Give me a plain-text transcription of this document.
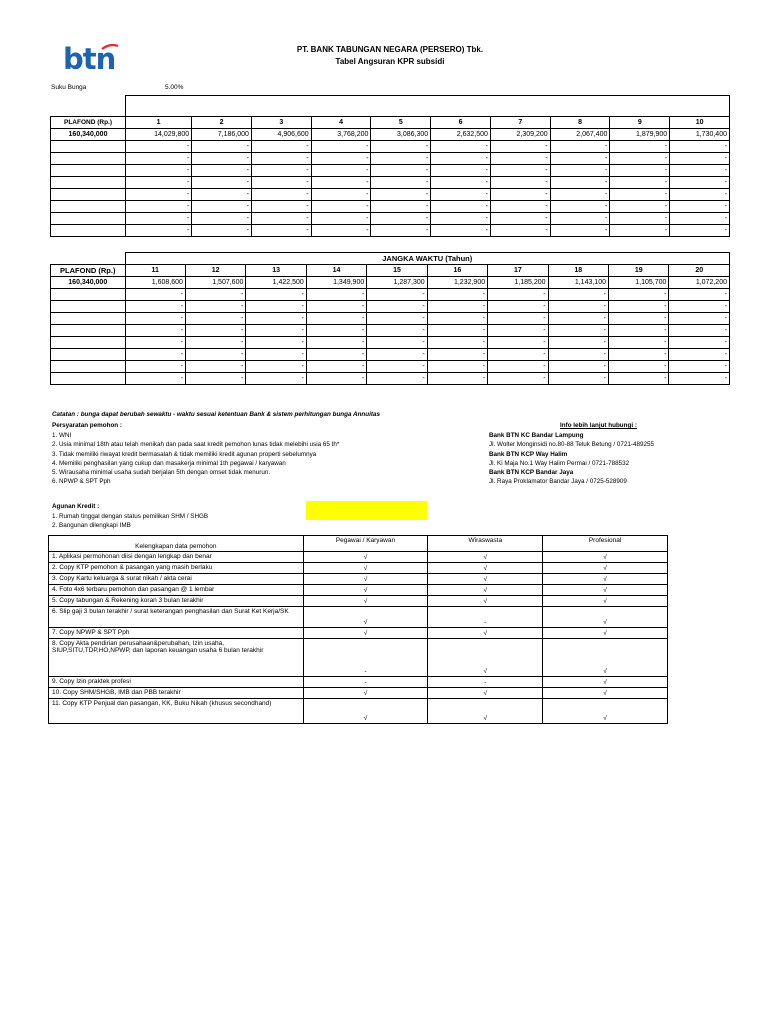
btn	PT. BANK TABUNGAN NEGARA (PERSERO) Tbk.
Tabel Angsuran KPR subsidi
Suku Bunga	5.00%

PLAFOND (Rp.)	1	2	3	4	5	6	7	8	9	10
160,340,000	14,029,800	7,186,000	4,906,600	3,768,200	3,086,300	2,632,500	2,309,200	2,067,400	1,879,900	1,730,400
	-	-	-	-	-	-	-	-	-	-
	-	-	-	-	-	-	-	-	-	-
	-	-	-	-	-	-	-	-	-	-
	-	-	-	-	-	-	-	-	-	-
	-	-	-	-	-	-	-	-	-	-
	-	-	-	-	-	-	-	-	-	-
	-	-	-	-	-	-	-	-	-	-
	-	-	-	-	-	-	-	-	-	-
	JANGKA WAKTU (Tahun)									
PLAFOND (Rp.)	11	12	13	14	15	16	17	18	19	20
160,340,000	1,608,600	1,507,600	1,422,500	1,349,900	1,287,300	1,232,900	1,185,200	1,143,100	1,105,700	1,072,200
	-	-	-	-	-	-	-	-	-	-
	-	-	-	-	-	-	-	-	-	-
	-	-	-	-	-	-	-	-	-	-
	-	-	-	-	-	-	-	-	-	-
	-	-	-	-	-	-	-	-	-	-
	-	-	-	-	-	-	-	-	-	-
	-	-	-	-	-	-	-	-	-	-
	-	-	-	-	-	-	-	-	-	-
Catatan : bunga dapat berubah sewaktu - waktu sesuai ketentuan Bank & sistem perhitungan bunga Annuitas
Persyaratan pemohon :
1. WNI
2. Usia minimal 18th atau telah menikah dan pada saat kredit pemohon lunas tidak melebihi usia 65 th*
3. Tidak memiliki riwayat kredit bermasalah & tidak memiliki kredit agunan properti sebelumnya
4. Memiliki penghasilan yang cukup dan masakerja minimal 1th pegawai / karyawan
5. Wirausaha minimal usaha sudah berjalan 5th dengan omset tidak menurun.
6. NPWP & SPT Pph
Info lebih lanjut hubungi :
Bank BTN KC Bandar Lampung
Jl. Wolter Monginsidi no.80-88 Teluk Betung / 0721-489255
Bank BTN KCP Way Halim
Jl. Ki Maja No.1 Way Halim Permai / 0721-788532
Bank BTN KCP Bandar Jaya
Jl. Raya Proklamator Bandar Jaya / 0725-528909
Agunan Kredit :
1. Rumah tinggal dengan status pemilikan SHM / SHGB
2. Bangunan dilengkapi IMB
Kelengkapan data pemohon	Pegawai / Karyawan	Wiraswasta	Profesional
1. Aplikasi permohonan diisi dengan lengkap dan benar	√	√	√
2. Copy KTP pemohon & pasangan yang masih berlaku	√	√	√
3. Copy Kartu keluarga & surat nikah / akta cerai	√	√	√
4. Foto 4x6 terbaru pemohon dan pasangan @ 1 lembar	√	√	√
5. Copy tabungan & Rekening koran 3 bulan terakhir	√	√	√
6. Slip gaji 3 bulan terakhir / surat keterangan penghasilan dan Surat Ket Kerja/SK	√	-	√
7. Copy NPWP & SPT Pph	√	√	√
8. Copy Akta pendirian perusahaan&perubahan, Izin usaha, SIUP,SITU,TDP,HO,NPWP, dan laporan keuangan usaha 6 bulan terakhir	-	√	√
9. Copy Izin praktek profesi	-	-	√
10. Copy SHM/SHGB, IMB dan PBB terakhir	√	√	√
11. Copy KTP Penjual dan pasangan, KK, Buku Nikah (khusus secondhand)	√	√	√
